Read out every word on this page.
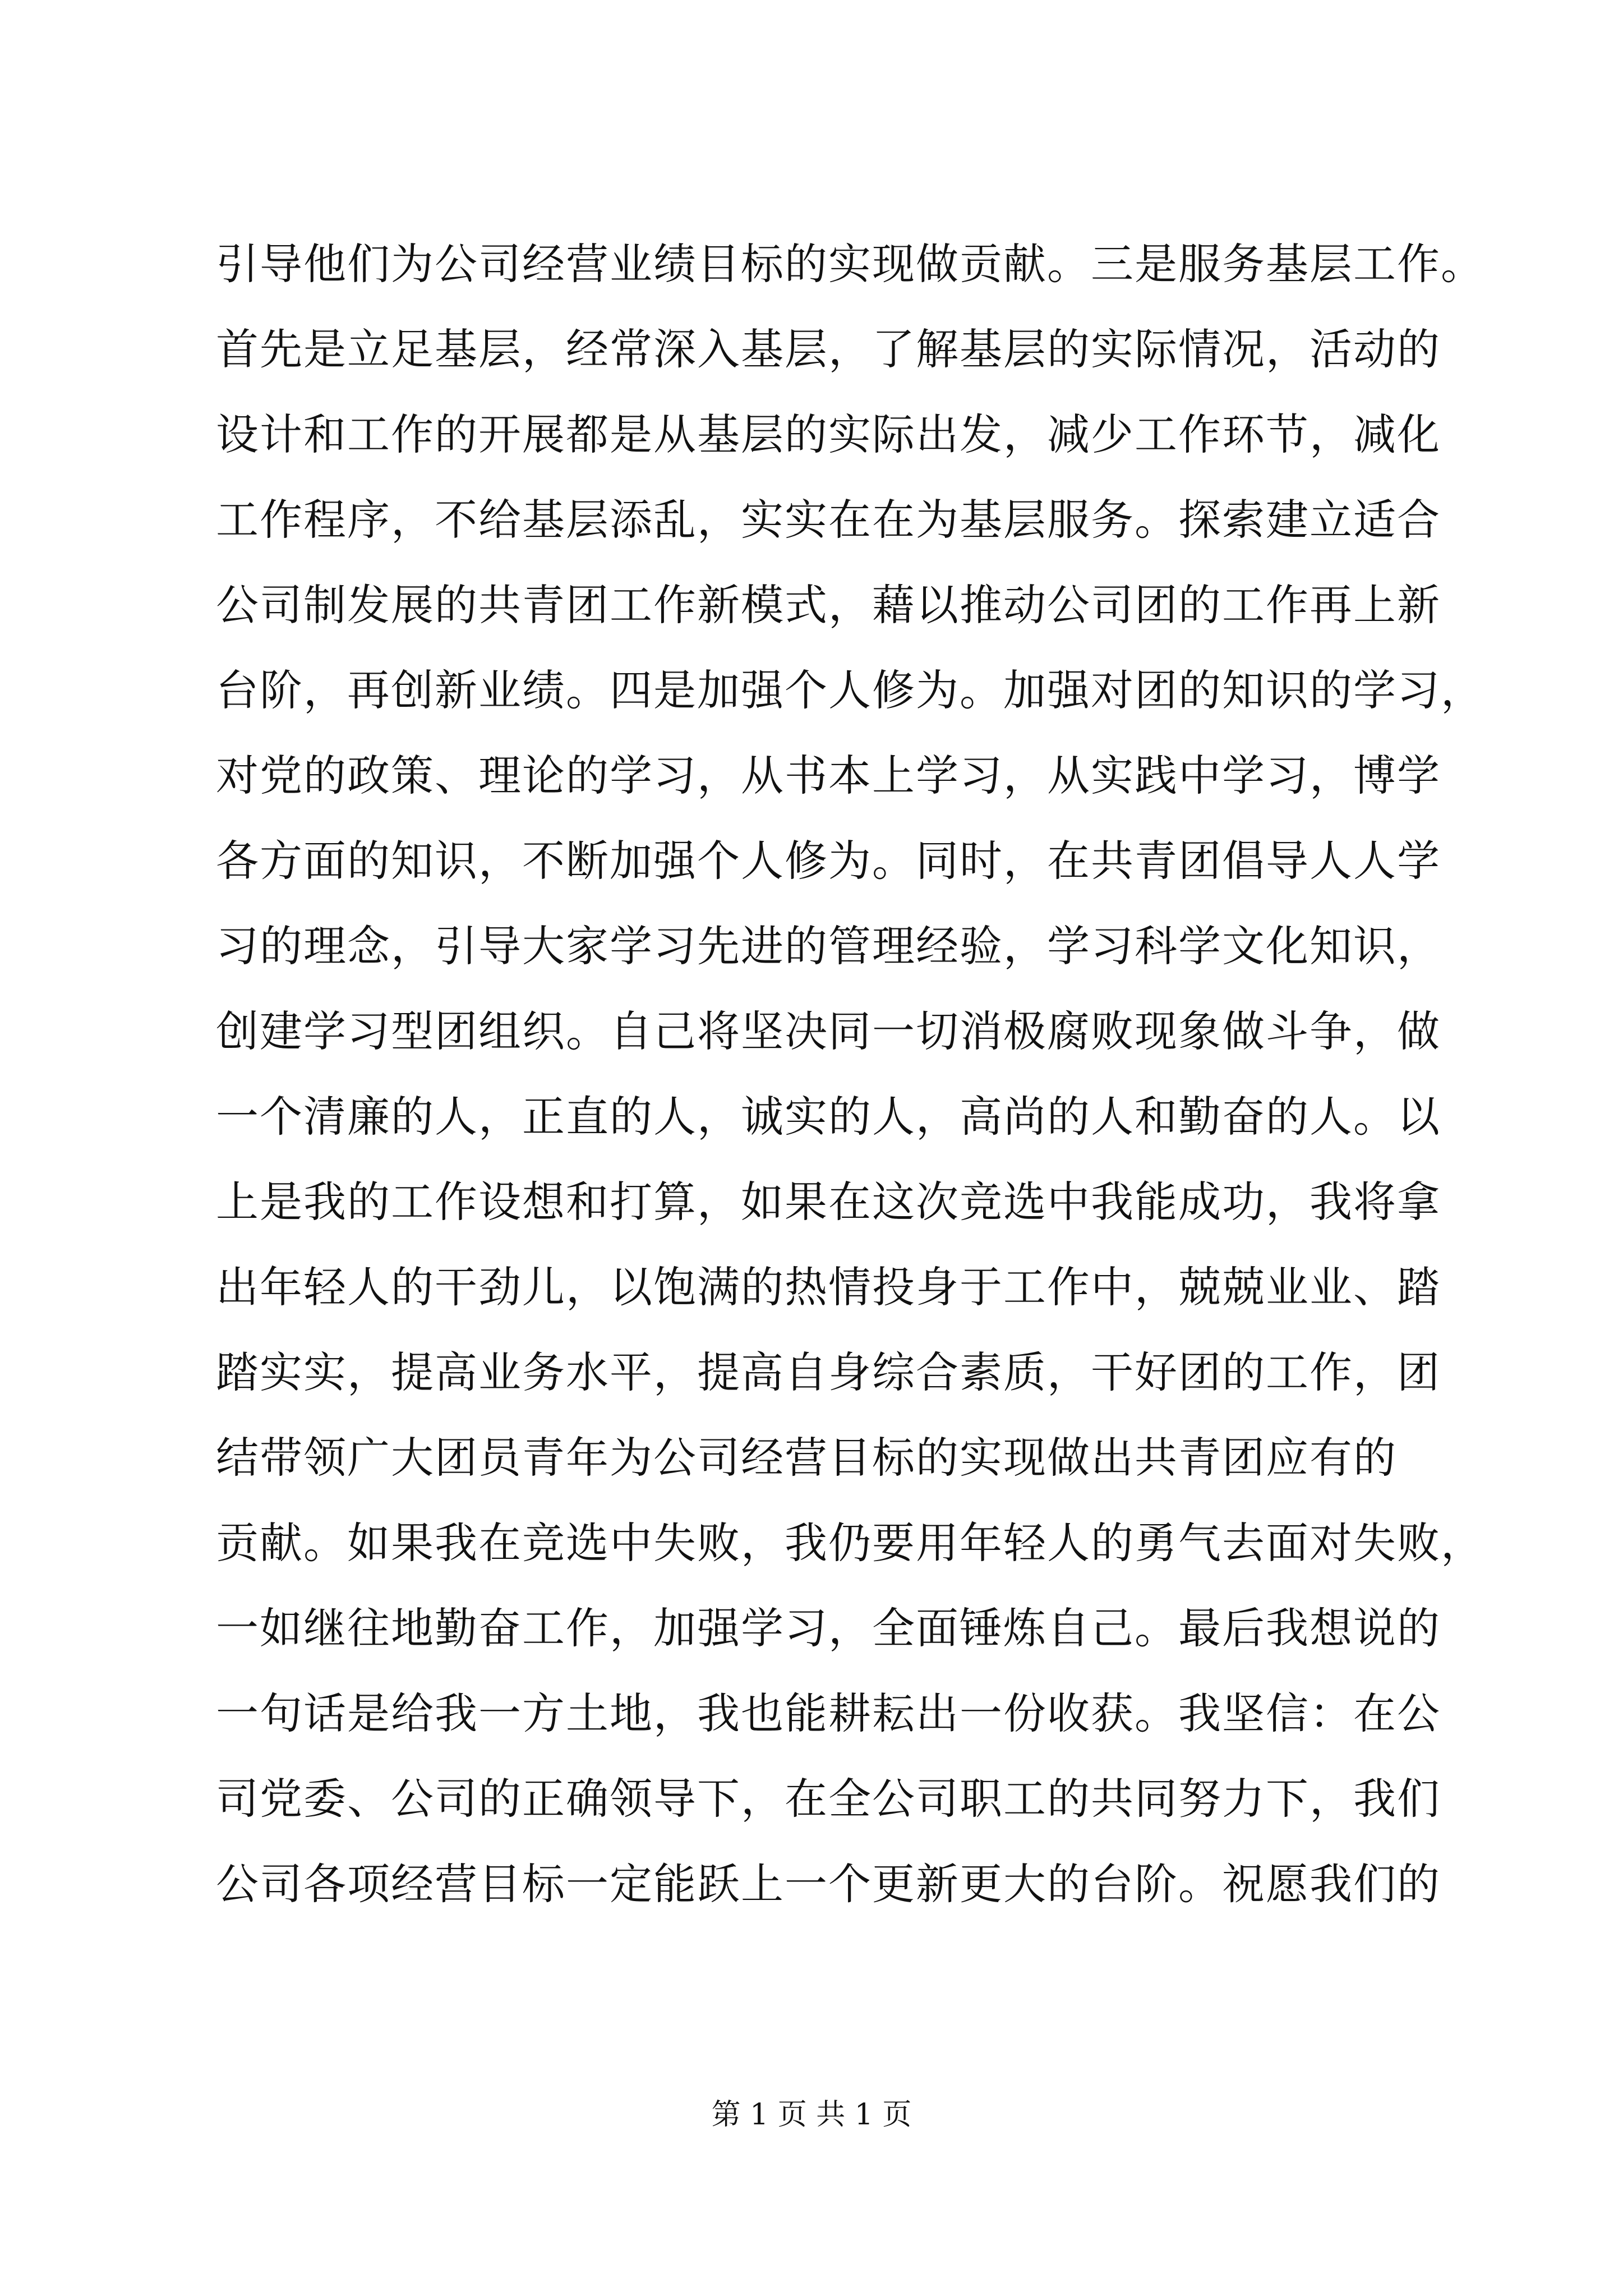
引导他们为公司经营业绩目标的实现做贡献。三是服务基层工作。
首先是立足基层，经常深入基层，了解基层的实际情况，活动的
设计和工作的开展都是从基层的实际出发，减少工作环节，减化
工作程序，不给基层添乱，实实在在为基层服务。探索建立适合
公司制发展的共青团工作新模式，藉以推动公司团的工作再上新
台阶，再创新业绩。四是加强个人修为。加强对团的知识的学习，
对党的政策、理论的学习，从书本上学习，从实践中学习，博学
各方面的知识，不断加强个人修为。同时，在共青团倡导人人学
习的理念，引导大家学习先进的管理经验，学习科学文化知识，
创建学习型团组织。自己将坚决同一切消极腐败现象做斗争，做
一个清廉的人，正直的人，诚实的人，高尚的人和勤奋的人。以
上是我的工作设想和打算，如果在这次竞选中我能成功，我将拿
出年轻人的干劲儿，以饱满的热情投身于工作中，兢兢业业、踏
踏实实，提高业务水平，提高自身综合素质，干好团的工作，团
结带领广大团员青年为公司经营目标的实现做出共青团应有的
贡献。如果我在竞选中失败，我仍要用年轻人的勇气去面对失败，
一如继往地勤奋工作，加强学习，全面锤炼自己。最后我想说的
一句话是给我一方土地，我也能耕耘出一份收获。我坚信：在公
司党委、公司的正确领导下，在全公司职工的共同努力下，我们
公司各项经营目标一定能跃上一个更新更大的台阶。祝愿我们的
第 1 页 共 1 页
